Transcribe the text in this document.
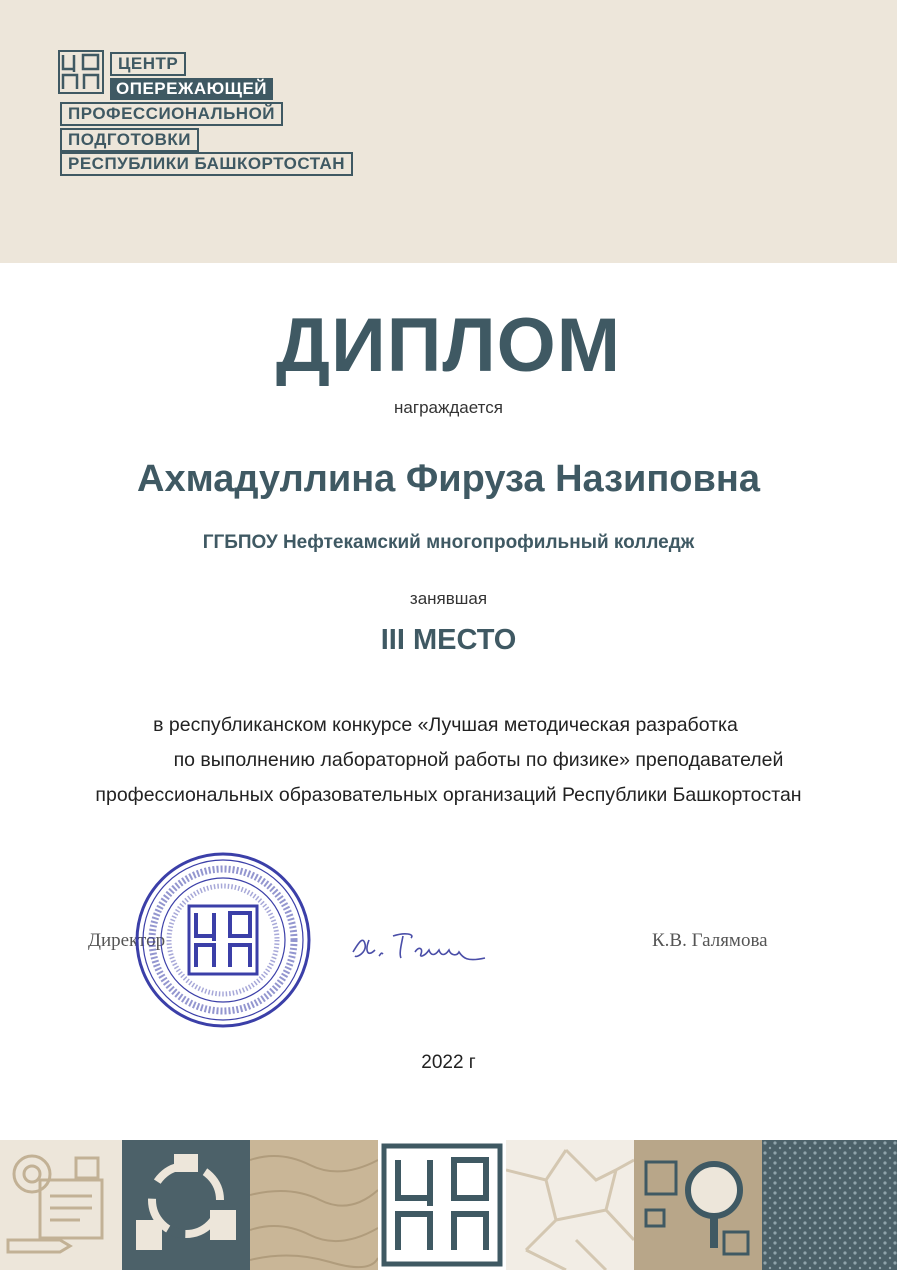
ЦЕНТР
ОПЕРЕЖАЮЩЕЙ
ПРОФЕССИОНАЛЬНОЙ
ПОДГОТОВКИ
РЕСПУБЛИКИ БАШКОРТОСТАН
ДИПЛОМ
награждается
Ахмадуллина Фируза Назиповна
ГГБПОУ Нефтекамский многопрофильный колледж
занявшая
III МЕСТО
в республиканском конкурсе «Лучшая методическая разработка
по выполнению лабораторной работы по физике» преподавателей
профессиональных образовательных организаций Республики Башкортостан
Директор	К.В. Галямова
2022 г
